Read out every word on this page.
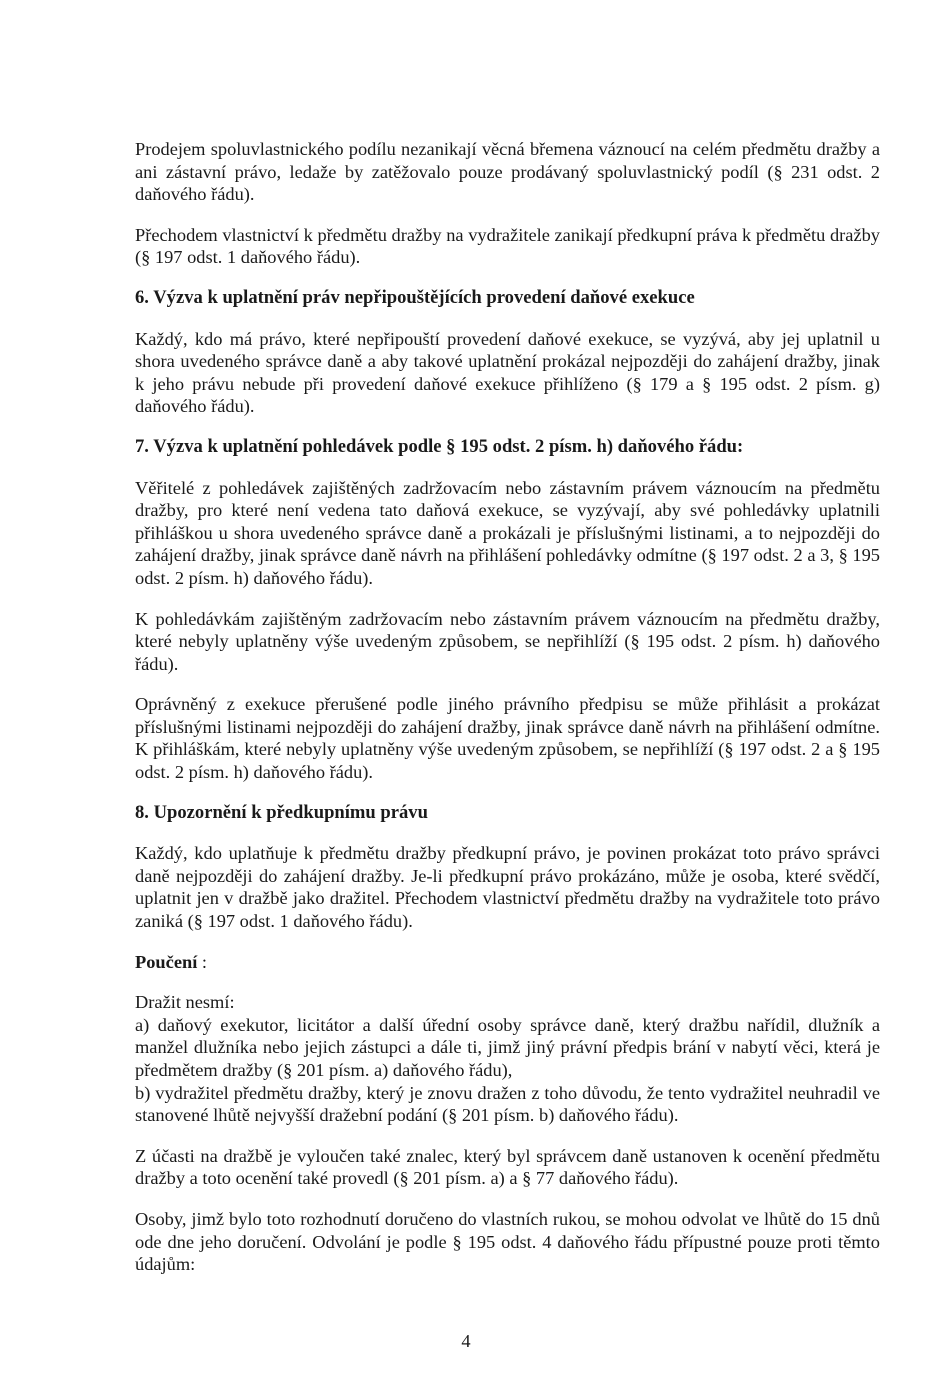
Prodejem spoluvlastnického podílu nezanikají věcná břemena váznoucí na celém předmětu dražby a ani zástavní právo, ledaže by zatěžovalo pouze prodávaný spoluvlastnický podíl (§ 231 odst. 2 daňového řádu).

Přechodem vlastnictví k předmětu dražby na vydražitele zanikají předkupní práva k předmětu dražby (§ 197 odst. 1 daňového řádu).

6. Výzva k uplatnění práv nepřipouštějících provedení daňové exekuce

Každý, kdo má právo, které nepřipouští provedení daňové exekuce, se vyzývá, aby jej uplatnil u shora uvedeného správce daně a aby takové uplatnění prokázal nejpozději do zahájení dražby, jinak k jeho právu nebude při provedení daňové exekuce přihlíženo (§ 179 a § 195 odst. 2 písm. g) daňového řádu).

7. Výzva k uplatnění pohledávek podle § 195 odst. 2 písm. h) daňového řádu:

Věřitelé z pohledávek zajištěných zadržovacím nebo zástavním právem váznoucím na předmětu dražby, pro které není vedena tato daňová exekuce, se vyzývají, aby své pohledávky uplatnili přihláškou u shora uvedeného správce daně a prokázali je příslušnými listinami, a to nejpozději do zahájení dražby, jinak správce daně návrh na přihlášení pohledávky odmítne (§ 197 odst. 2 a 3, § 195 odst. 2 písm. h) daňového řádu).

K pohledávkám zajištěným zadržovacím nebo zástavním právem váznoucím na předmětu dražby, které nebyly uplatněny výše uvedeným způsobem, se nepřihlíží (§ 195 odst. 2 písm. h) daňového řádu).

Oprávněný z exekuce přerušené podle jiného právního předpisu se může přihlásit a prokázat příslušnými listinami nejpozději do zahájení dražby, jinak správce daně návrh na přihlášení odmítne. K přihláškám, které nebyly uplatněny výše uvedeným způsobem, se nepřihlíží (§ 197 odst. 2 a § 195 odst. 2 písm. h) daňového řádu).

8. Upozornění k předkupnímu právu

Každý, kdo uplatňuje k předmětu dražby předkupní právo, je povinen prokázat toto právo správci daně nejpozději do zahájení dražby. Je-li předkupní právo prokázáno, může je osoba, které svědčí, uplatnit jen v dražbě jako dražitel. Přechodem vlastnictví předmětu dražby na vydražitele toto právo zaniká (§ 197 odst. 1 daňového řádu).

Poučení :

Dražit nesmí:

a) daňový exekutor, licitátor a další úřední osoby správce daně, který dražbu nařídil, dlužník a manžel dlužníka nebo jejich zástupci a dále ti, jimž jiný právní předpis brání v nabytí věci, která je předmětem dražby (§ 201 písm. a) daňového řádu),

b) vydražitel předmětu dražby, který je znovu dražen z toho důvodu, že tento vydražitel neuhradil ve stanovené lhůtě nejvyšší dražební podání (§ 201 písm. b) daňového řádu).

Z účasti na dražbě je vyloučen také znalec, který byl správcem daně ustanoven k ocenění předmětu dražby a toto ocenění také provedl (§ 201 písm. a) a § 77 daňového řádu).

Osoby, jimž bylo toto rozhodnutí doručeno do vlastních rukou, se mohou odvolat ve lhůtě do 15 dnů ode dne jeho doručení. Odvolání je podle § 195 odst. 4 daňového řádu přípustné pouze proti těmto údajům:

4
